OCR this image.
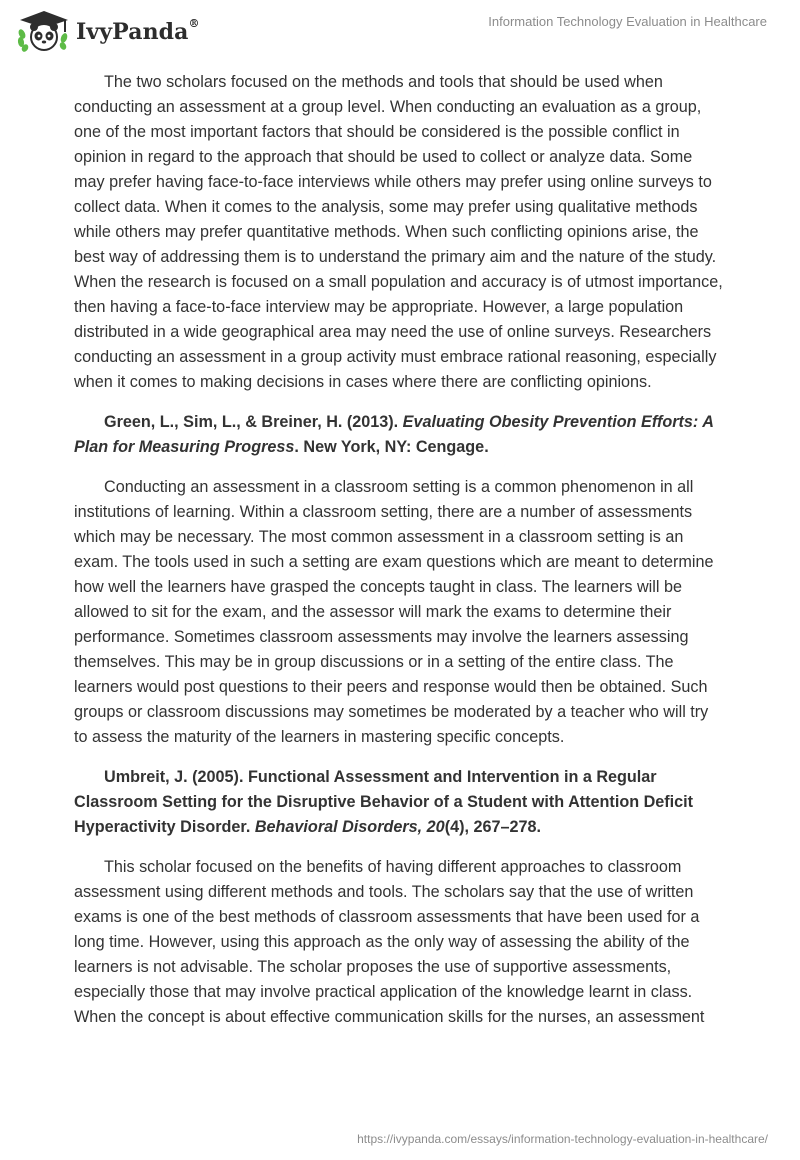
IvyPanda®	Information Technology Evaluation in Healthcare

The two scholars focused on the methods and tools that should be used when conducting an assessment at a group level. When conducting an evaluation as a group, one of the most important factors that should be considered is the possible conflict in opinion in regard to the approach that should be used to collect or analyze data. Some may prefer having face-to-face interviews while others may prefer using online surveys to collect data. When it comes to the analysis, some may prefer using qualitative methods while others may prefer quantitative methods. When such conflicting opinions arise, the best way of addressing them is to understand the primary aim and the nature of the study. When the research is focused on a small population and accuracy is of utmost importance, then having a face-to-face interview may be appropriate. However, a large population distributed in a wide geographical area may need the use of online surveys. Researchers conducting an assessment in a group activity must embrace rational reasoning, especially when it comes to making decisions in cases where there are conflicting opinions.

Green, L., Sim, L., & Breiner, H. (2013). Evaluating Obesity Prevention Efforts: A Plan for Measuring Progress. New York, NY: Cengage.

Conducting an assessment in a classroom setting is a common phenomenon in all institutions of learning. Within a classroom setting, there are a number of assessments which may be necessary. The most common assessment in a classroom setting is an exam. The tools used in such a setting are exam questions which are meant to determine how well the learners have grasped the concepts taught in class. The learners will be allowed to sit for the exam, and the assessor will mark the exams to determine their performance. Sometimes classroom assessments may involve the learners assessing themselves. This may be in group discussions or in a setting of the entire class. The learners would post questions to their peers and response would then be obtained. Such groups or classroom discussions may sometimes be moderated by a teacher who will try to assess the maturity of the learners in mastering specific concepts.

Umbreit, J. (2005). Functional Assessment and Intervention in a Regular Classroom Setting for the Disruptive Behavior of a Student with Attention Deficit Hyperactivity Disorder. Behavioral Disorders, 20(4), 267–278.

This scholar focused on the benefits of having different approaches to classroom assessment using different methods and tools. The scholars say that the use of written exams is one of the best methods of classroom assessments that have been used for a long time. However, using this approach as the only way of assessing the ability of the learners is not advisable. The scholar proposes the use of supportive assessments, especially those that may involve practical application of the knowledge learnt in class. When the concept is about effective communication skills for the nurses, an assessment

https://ivypanda.com/essays/information-technology-evaluation-in-healthcare/
